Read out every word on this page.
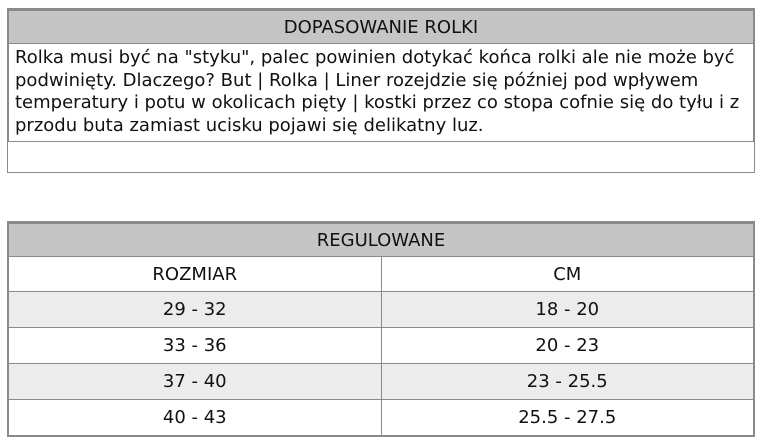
DOPASOWANIE ROLKI
Rolka musi być na "styku", palec powinien dotykać końca rolki ale nie może być podwinięty. Dlaczego? But | Rolka | Liner rozejdzie się później pod wpływem temperatury i potu w okolicach pięty | kostki przez co stopa cofnie się do tyłu i z przodu buta zamiast ucisku pojawi się delikatny luz.
REGULOWANE	
ROZMIAR	CM
29 - 32	18 - 20
33 - 36	20 - 23
37 - 40	23 - 25.5
40 - 43	25.5 - 27.5
